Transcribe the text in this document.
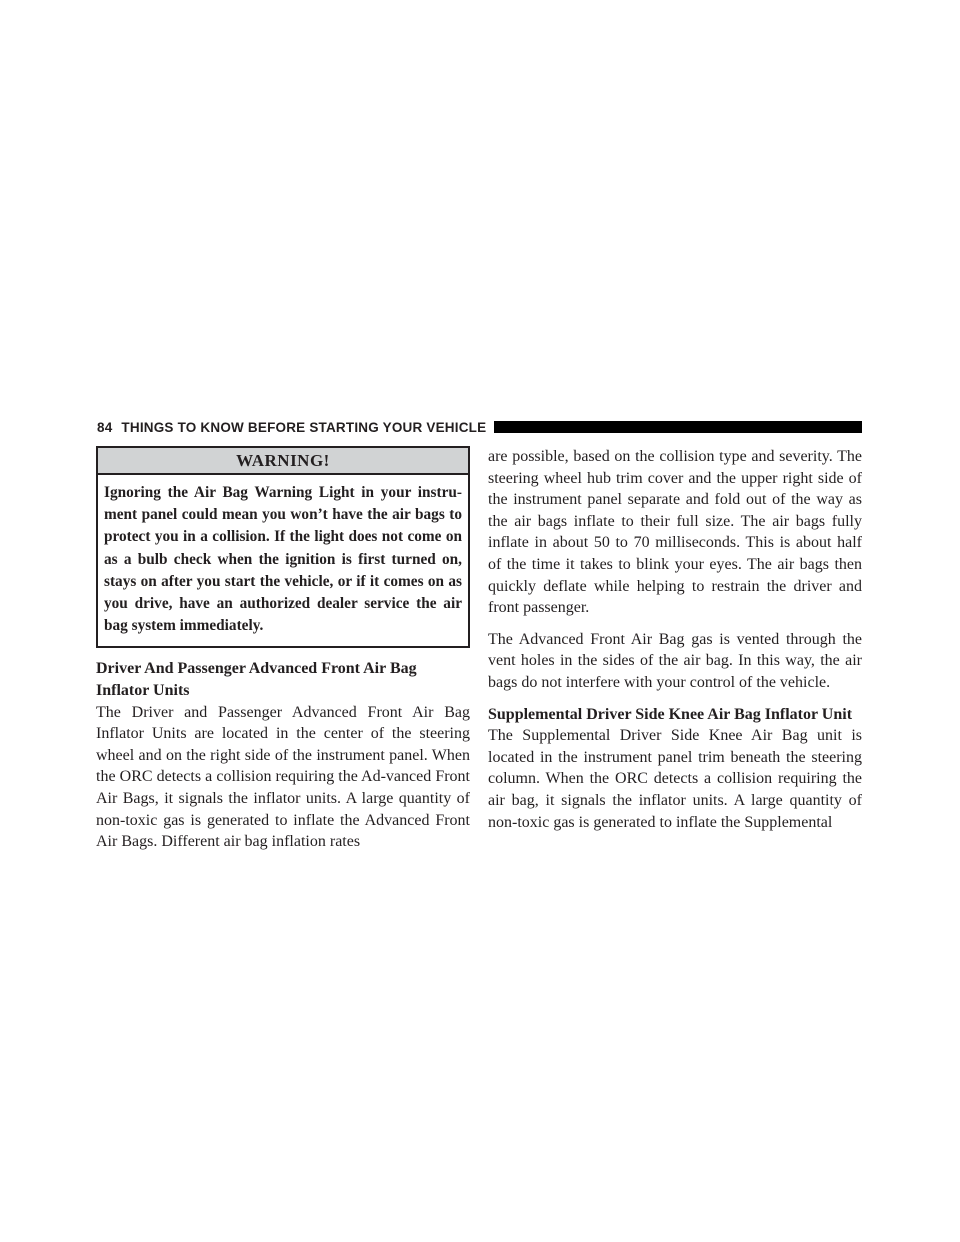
84 THINGS TO KNOW BEFORE STARTING YOUR VEHICLE
WARNING!
Ignoring the Air Bag Warning Light in your instru-ment panel could mean you won’t have the air bags to protect you in a collision. If the light does not come on as a bulb check when the ignition is first turned on, stays on after you start the vehicle, or if it comes on as you drive, have an authorized dealer service the air bag system immediately.

Driver And Passenger Advanced Front Air Bag Inflator Units

The Driver and Passenger Advanced Front Air Bag Inflator Units are located in the center of the steering wheel and on the right side of the instrument panel. When the ORC detects a collision requiring the Ad-vanced Front Air Bags, it signals the inflator units. A large quantity of non-toxic gas is generated to inflate the Advanced Front Air Bags. Different air bag inflation rates

are possible, based on the collision type and severity. The steering wheel hub trim cover and the upper right side of the instrument panel separate and fold out of the way as the air bags inflate to their full size. The air bags fully inflate in about 50 to 70 milliseconds. This is about half of the time it takes to blink your eyes. The air bags then quickly deflate while helping to restrain the driver and front passenger.

The Advanced Front Air Bag gas is vented through the vent holes in the sides of the air bag. In this way, the air bags do not interfere with your control of the vehicle.

Supplemental Driver Side Knee Air Bag Inflator Unit

The Supplemental Driver Side Knee Air Bag unit is located in the instrument panel trim beneath the steering column. When the ORC detects a collision requiring the air bag, it signals the inflator units. A large quantity of non-toxic gas is generated to inflate the Supplemental
